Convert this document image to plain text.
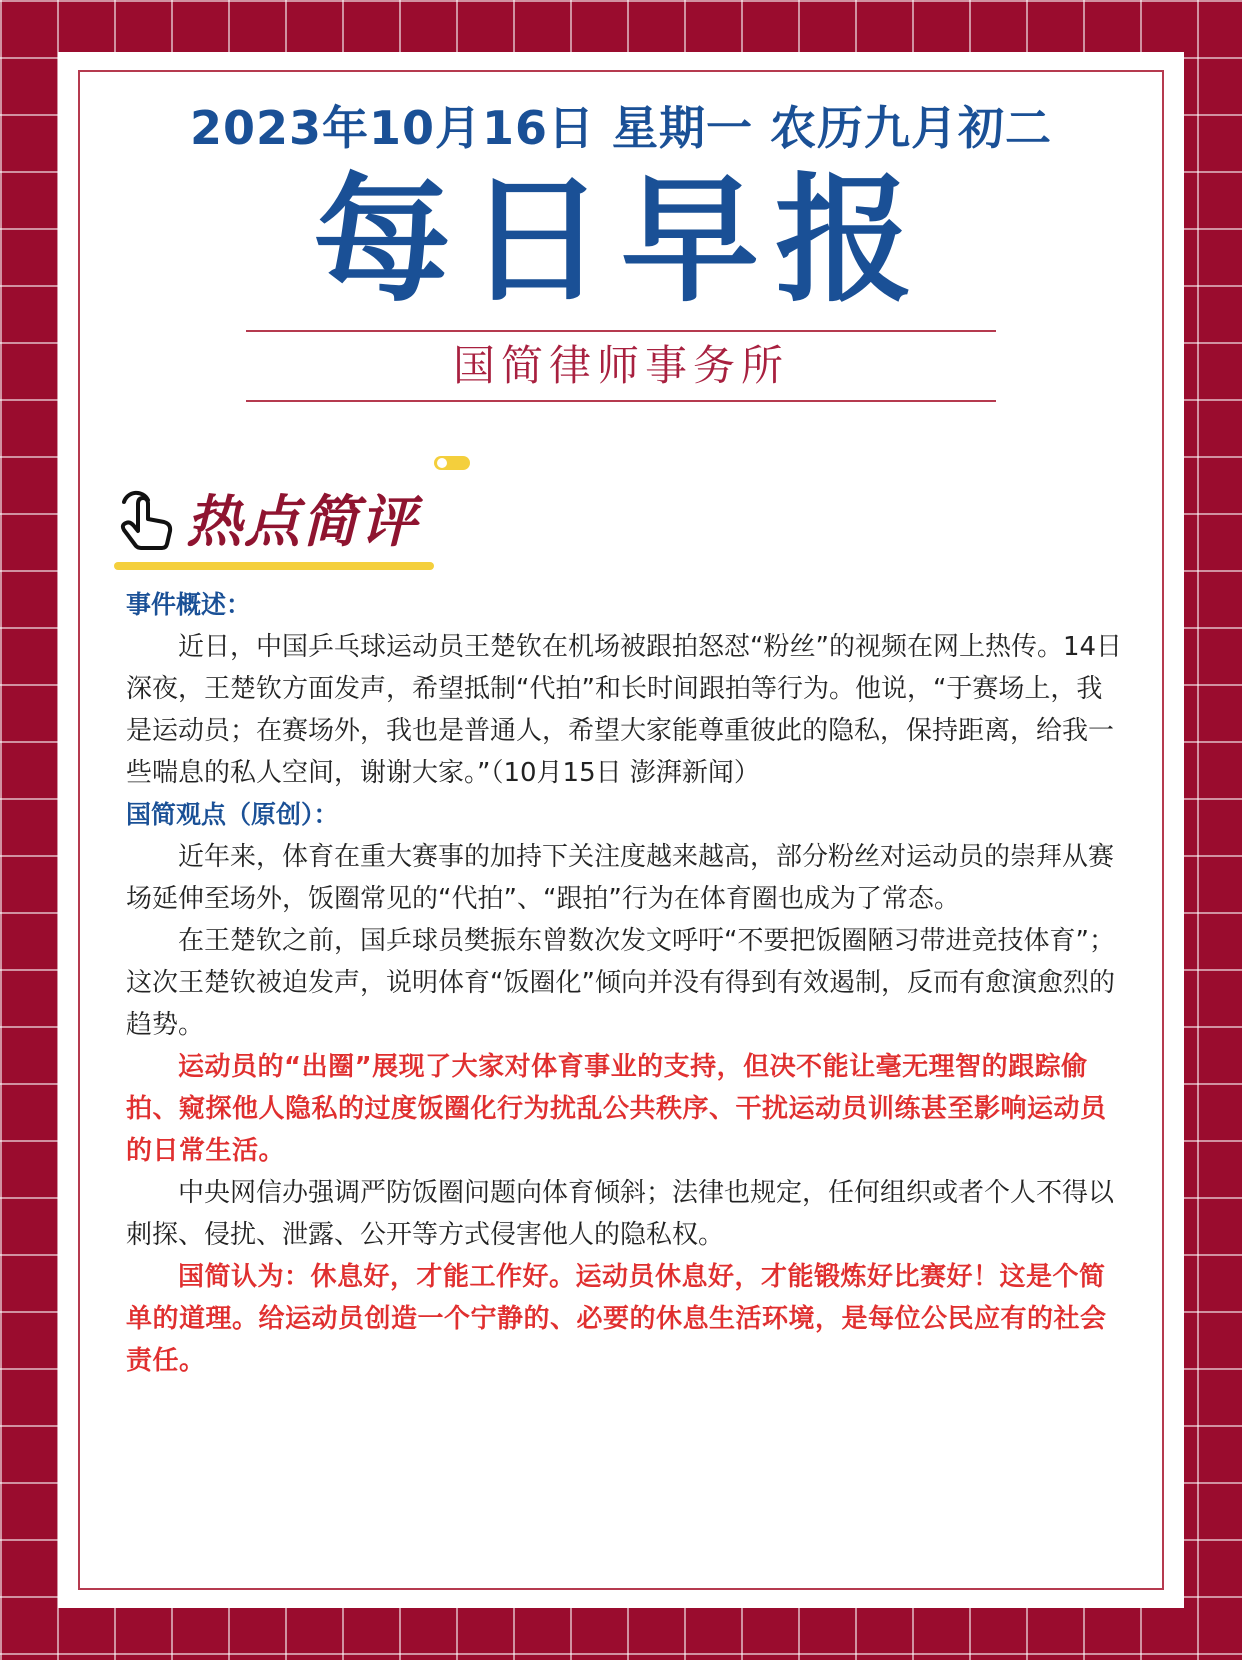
2023年10月16日 星期一 农历九月初二
每日早报
国简律师事务所
热点简评

事件概述：

近日，中国乒乓球运动员王楚钦在机场被跟拍怒怼“粉丝”的视频在网上热传。14日深夜，王楚钦方面发声，希望抵制“代拍”和长时间跟拍等行为。他说，“于赛场上，我是运动员；在赛场外，我也是普通人，希望大家能尊重彼此的隐私，保持距离，给我一些喘息的私人空间，谢谢大家。”（10月15日 澎湃新闻）

国简观点（原创）：

近年来，体育在重大赛事的加持下关注度越来越高，部分粉丝对运动员的崇拜从赛场延伸至场外，饭圈常见的“代拍”、“跟拍”行为在体育圈也成为了常态。

在王楚钦之前，国乒球员樊振东曾数次发文呼吁“不要把饭圈陋习带进竞技体育”；这次王楚钦被迫发声，说明体育“饭圈化”倾向并没有得到有效遏制，反而有愈演愈烈的趋势。

运动员的“出圈”展现了大家对体育事业的支持，但决不能让毫无理智的跟踪偷拍、窥探他人隐私的过度饭圈化行为扰乱公共秩序、干扰运动员训练甚至影响运动员的日常生活。

中央网信办强调严防饭圈问题向体育倾斜；法律也规定，任何组织或者个人不得以刺探、侵扰、泄露、公开等方式侵害他人的隐私权。

国简认为：休息好，才能工作好。运动员休息好，才能锻炼好比赛好！这是个简单的道理。给运动员创造一个宁静的、必要的休息生活环境，是每位公民应有的社会责任。
